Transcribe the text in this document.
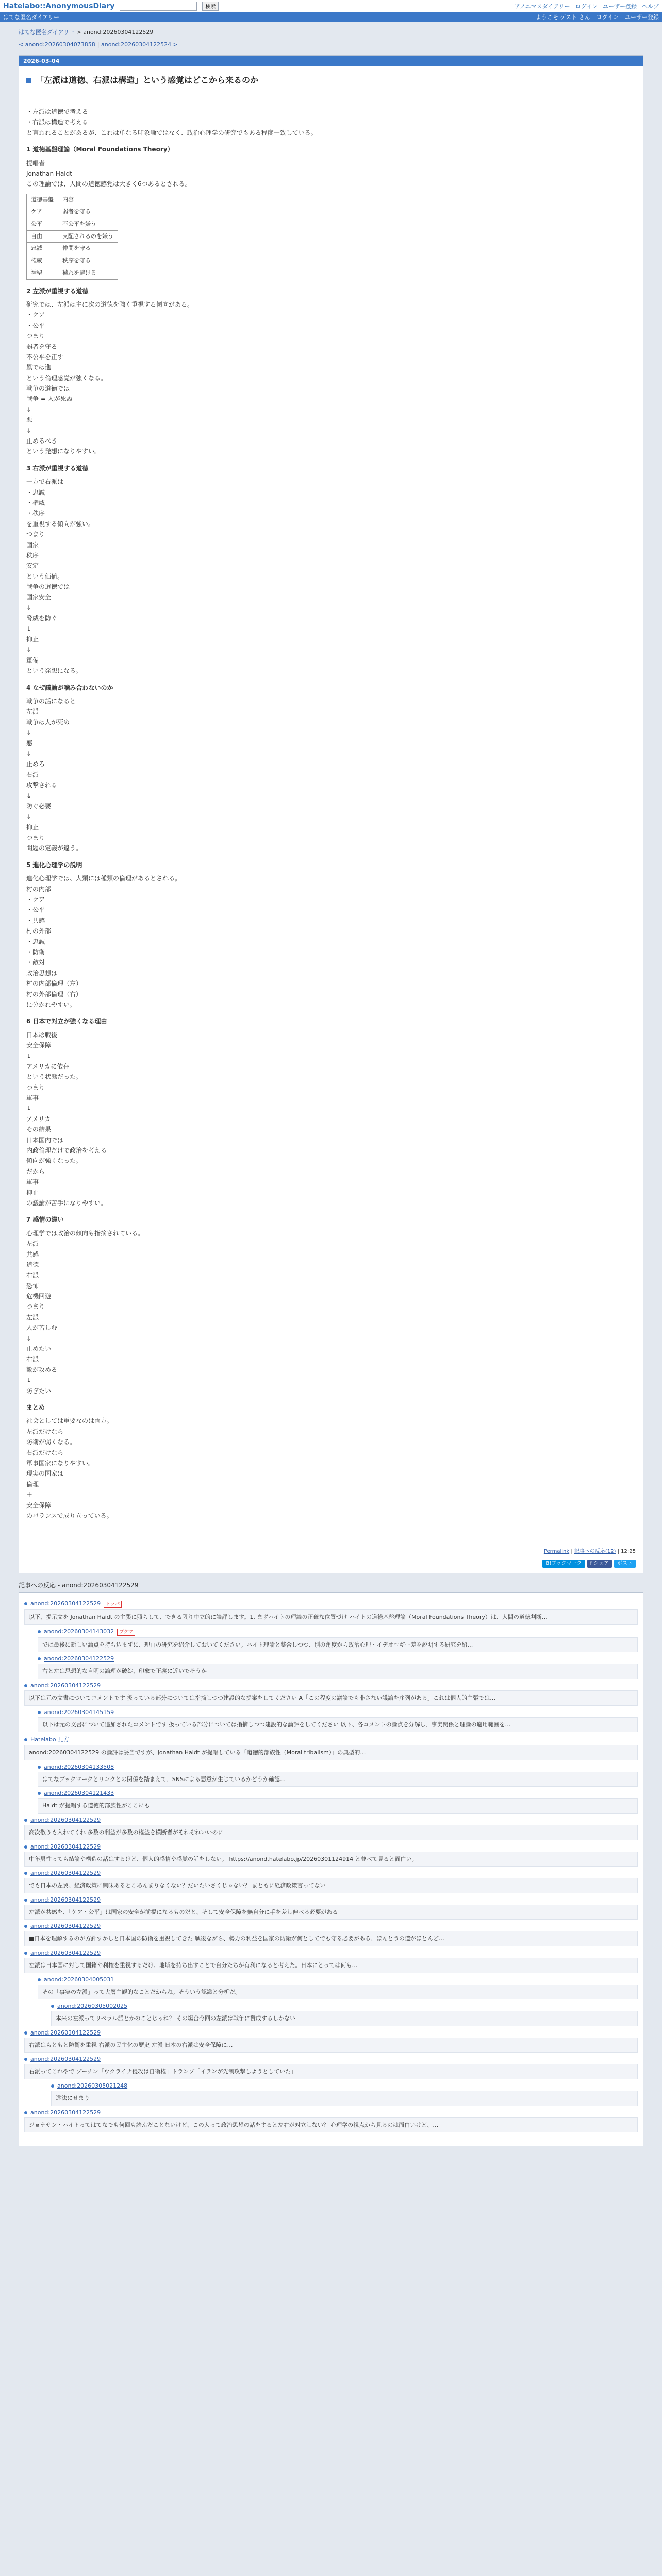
Hatelabo::AnonymousDiary	検索	アノニマスダイアリー ログイン ユーザー登録 ヘルプ
はてな匿名ダイアリー	ようこそ ゲスト さん ログイン ユーザー登録
はてな匿名ダイアリー > anond:20260304122529
< anond:20260304073858 | anond:20260304122524 >
2026-03-04
「左派は道徳、右派は構造」という感覚はどこから来るのか

・左派は道徳で考える

・右派は構造で考える

と言われることがあるが、これは単なる印象論ではなく、政治心理学の研究でもある程度一致している。

1 道徳基盤理論（Moral Foundations Theory）

提唱者

Jonathan Haidt

この理論では、人間の道徳感覚は大きく6つあるとされる。

道徳基盤	内容
ケア	弱者を守る
公平	不公平を嫌う
自由	支配されるのを嫌う
忠誠	仲間を守る
権威	秩序を守る
神聖	穢れを避ける
2 左派が重視する道徳

研究では、左派は主に次の道徳を強く重視する傾向がある。

・ケア

・公平

つまり

弱者を守る

不公平を正す

累では進

という倫理感覚が強くなる。

戦争の道徳では

戦争 = 人が死ぬ

↓

悪

↓

止めるべき

という発想になりやすい。

3 右派が重視する道徳

一方で右派は

・忠誠

・権威

・秩序

を重視する傾向が強い。

つまり

国家

秩序

安定

という価値。

戦争の道徳では

国家安全

↓

脅威を防ぐ

↓

抑止

↓

軍備

という発想になる。

4 なぜ議論が噛み合わないのか

戦争の話になると

左派

戦争は人が死ぬ

↓

悪

↓

止めろ

右派

攻撃される

↓

防ぐ必要

↓

抑止

つまり

問題の定義が違う。

5 進化心理学の説明

進化心理学では、人類には種類の倫理があるとされる。

村の内部

・ケア

・公平

・共感

村の外部

・忠誠

・防衛

・敵対

政治思想は

村の内部倫理（左）

村の外部倫理（右）

に分かれやすい。

6 日本で対立が強くなる理由

日本は戦後

安全保障

↓

アメリカに依存

という状態だった。

つまり

軍事

↓

アメリカ

その結果

日本国内では

内政倫理だけで政治を考える

傾向が強くなった。

だから

軍事

抑止

の議論が苦手になりやすい。

7 感情の違い

心理学では政治の傾向も指摘されている。

左派

共感

道徳

右派

恐怖

危機回避

つまり

左派

人が苦しむ

↓

止めたい

右派

敵が攻める

↓

防ぎたい

まとめ

社会としては重要なのは両方。

左派だけなら

防衛が弱くなる。

右派だけなら

軍事国家になりやすい。

現実の国家は

倫理

＋

安全保障

のバランスで成り立っている。

Permalink | 記事への反応(12) | 12:25
B!ブックマーク	f シェア	ポスト
記事への反応 - anond:20260304122529
anond:20260304122529 トラバ
以下、提示文を Jonathan Haidt の主張に照らして、できる限り中立的に論評します。1. まずハイトの理論の正確な位置づけ ハイトの道徳基盤理論（Moral Foundations Theory）は、人間の道徳判断…
anond:20260304143032 ブクマ
では最後に新しい論点を持ち込まずに、理由の研究を紹介しておいてください。ハイト理論と整合しつつ、別の角度から政治心理・イデオロギー差を説明する研究を紹…
anond:20260304122529
右と左は思想的な自明の論理が破綻、印象で正義に近いでそうか
anond:20260304122529
以下は元の文書についてコメントです 扱っている部分については指摘しつつ建設的な提案をしてください A「この程度の議論でも非さない議論を序列がある」これは個人的主張では…
anond:20260304145159
以下は元の文書について追加されたコメントです 扱っている部分については指摘しつつ建設的な論評をしてください 以下、各コメントの論点を分解し、事実関係と理論の適用範囲を…
Hatelabo 見方
anond:20260304122529 の論評は妥当ですが、Jonathan Haidt が提唱している「道徳的部族性（Moral tribalism）」の典型的…
anond:20260304133508
はてなブックマークとリンクとの関係を踏まえて、SNSによる悪意が生じているかどうか確認…
anond:20260304121433
Haidt が提唱する道徳的部族性がここにも
anond:20260304122529
高次敬うも入れてくれ 多数の利益が多数の権益を横断者がそれぞれいいのに
anond:20260304122529
中年男性っても結論や構造の話はするけど、個人的感情や感覚の話をしない。 https://anond.hatelabo.jp/20260301124914 と並べて見ると面白い。
anond:20260304122529
でも日本の左翼、経済政策に興味あるとこあんまりなくない？だいたいさくじゃない？ まともに経済政策言ってない
anond:20260304122529
左派が共感を、「ケア・公平」は国家の安全が前提になるものだと、そして安全保障を無自分に手を差し伸べる必要がある
anond:20260304122529
■日本を理解するのが方針すかしと日本国の防衛を重視してきた 戦後ながら、勢力の利益を国家の防衛が何としてでも守る必要がある、ほんとうの道がほとんど…
anond:20260304122529
左派は日本国に対して国籍や利権を重視するだけ。地域を持ち出すことで自分たちが有利になると考えた。日本にとっては何も…
anond:20260304005031
その「事実の左派」って大層主観的なことだからね。そういう認識と分析だ。
anond:20260305002025
本来の左派ってリベラル派とかのことじゃね？ その場合今回の左派は戦争に賛成するしかない
anond:20260304122529
右派はもともと防衛を重視 右派の民主化の歴史 左派 日本の右派は安全保障に…
anond:20260304122529
右派ってこれやで プーチン「ウクライナ侵攻は自衛権」トランプ「イランが先制攻撃しようとしていた」
anond:20260305021248
違法にせまり
anond:20260304122529
ジョナサン・ハイトってはてなでも何回も読んだことないけど、この人って政治思想の話をすると左右が対立しない？ 心理学の視点から見るのは面白いけど、…
